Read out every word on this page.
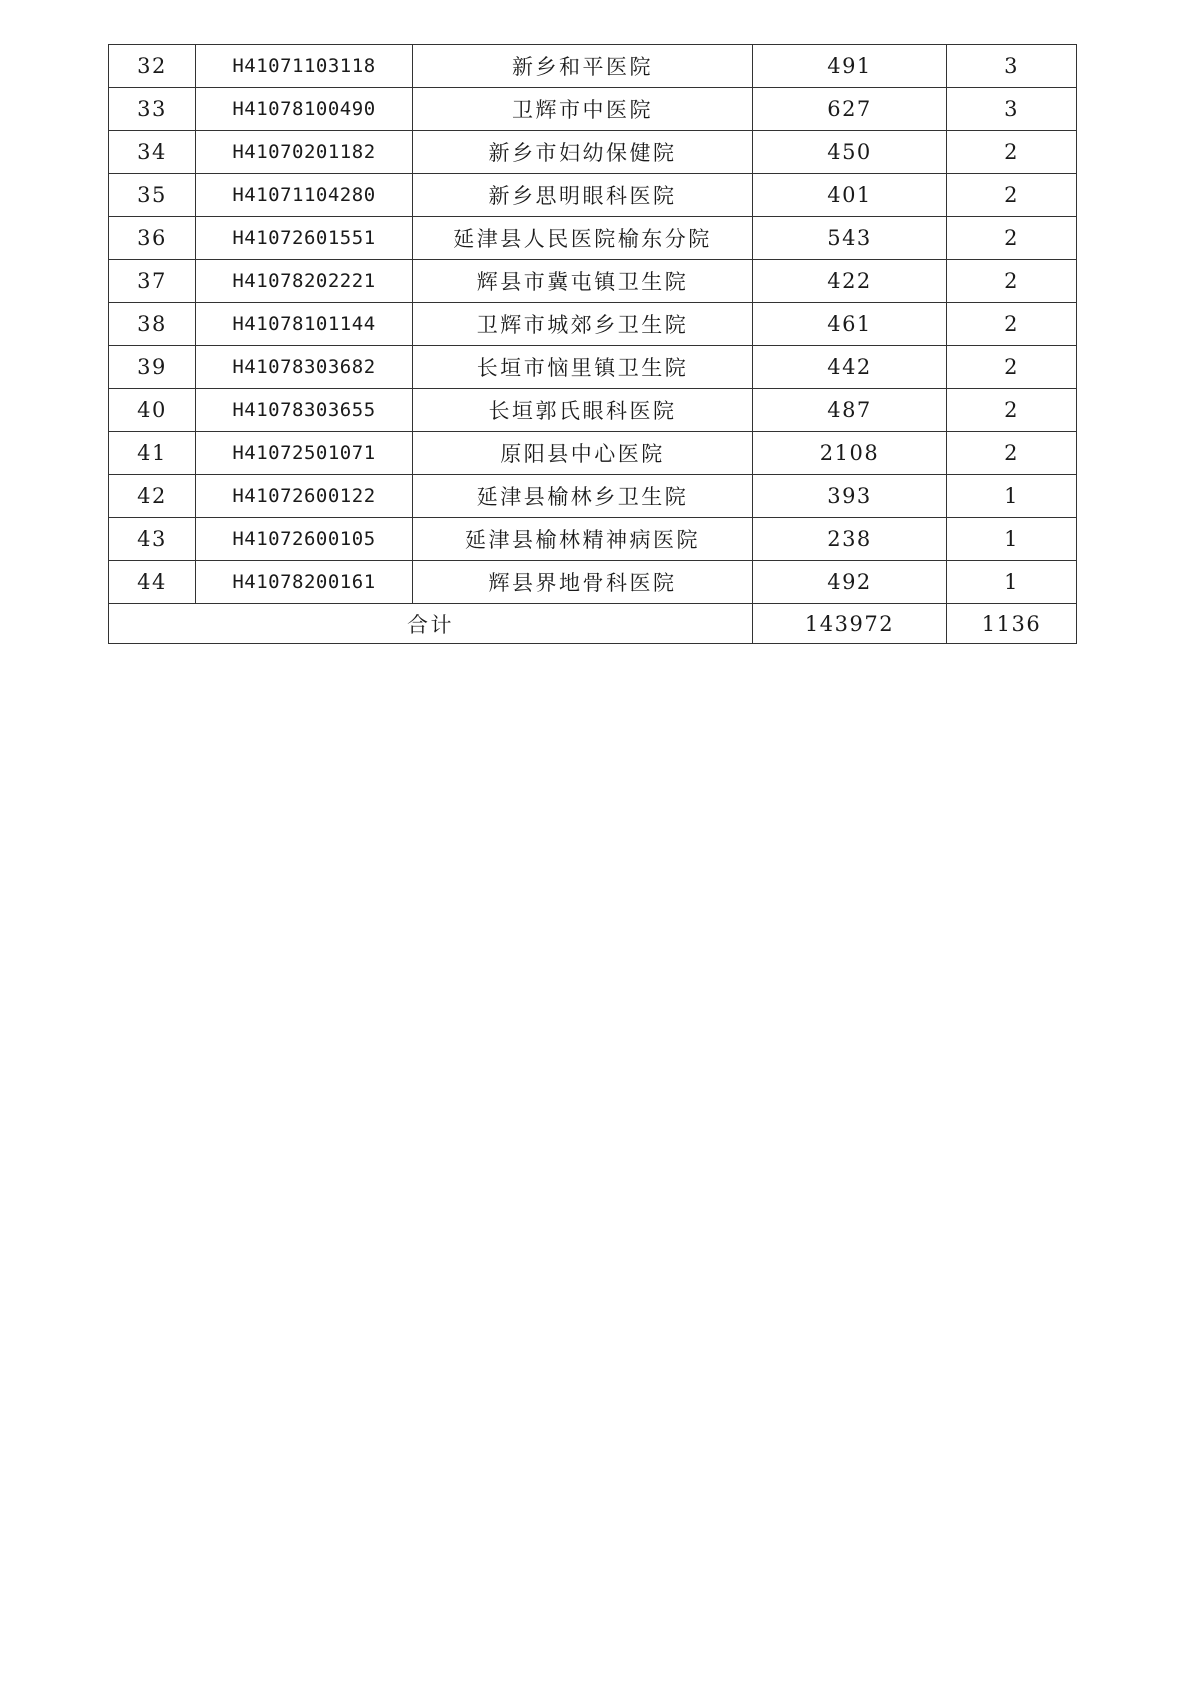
32	H41071103118	新乡和平医院	491	3
33	H41078100490	卫辉市中医院	627	3
34	H41070201182	新乡市妇幼保健院	450	2
35	H41071104280	新乡思明眼科医院	401	2
36	H41072601551	延津县人民医院榆东分院	543	2
37	H41078202221	辉县市冀屯镇卫生院	422	2
38	H41078101144	卫辉市城郊乡卫生院	461	2
39	H41078303682	长垣市恼里镇卫生院	442	2
40	H41078303655	长垣郭氏眼科医院	487	2
41	H41072501071	原阳县中心医院	2108	2
42	H41072600122	延津县榆林乡卫生院	393	1
43	H41072600105	延津县榆林精神病医院	238	1
44	H41078200161	辉县界地骨科医院	492	1
合计			143972	1136
